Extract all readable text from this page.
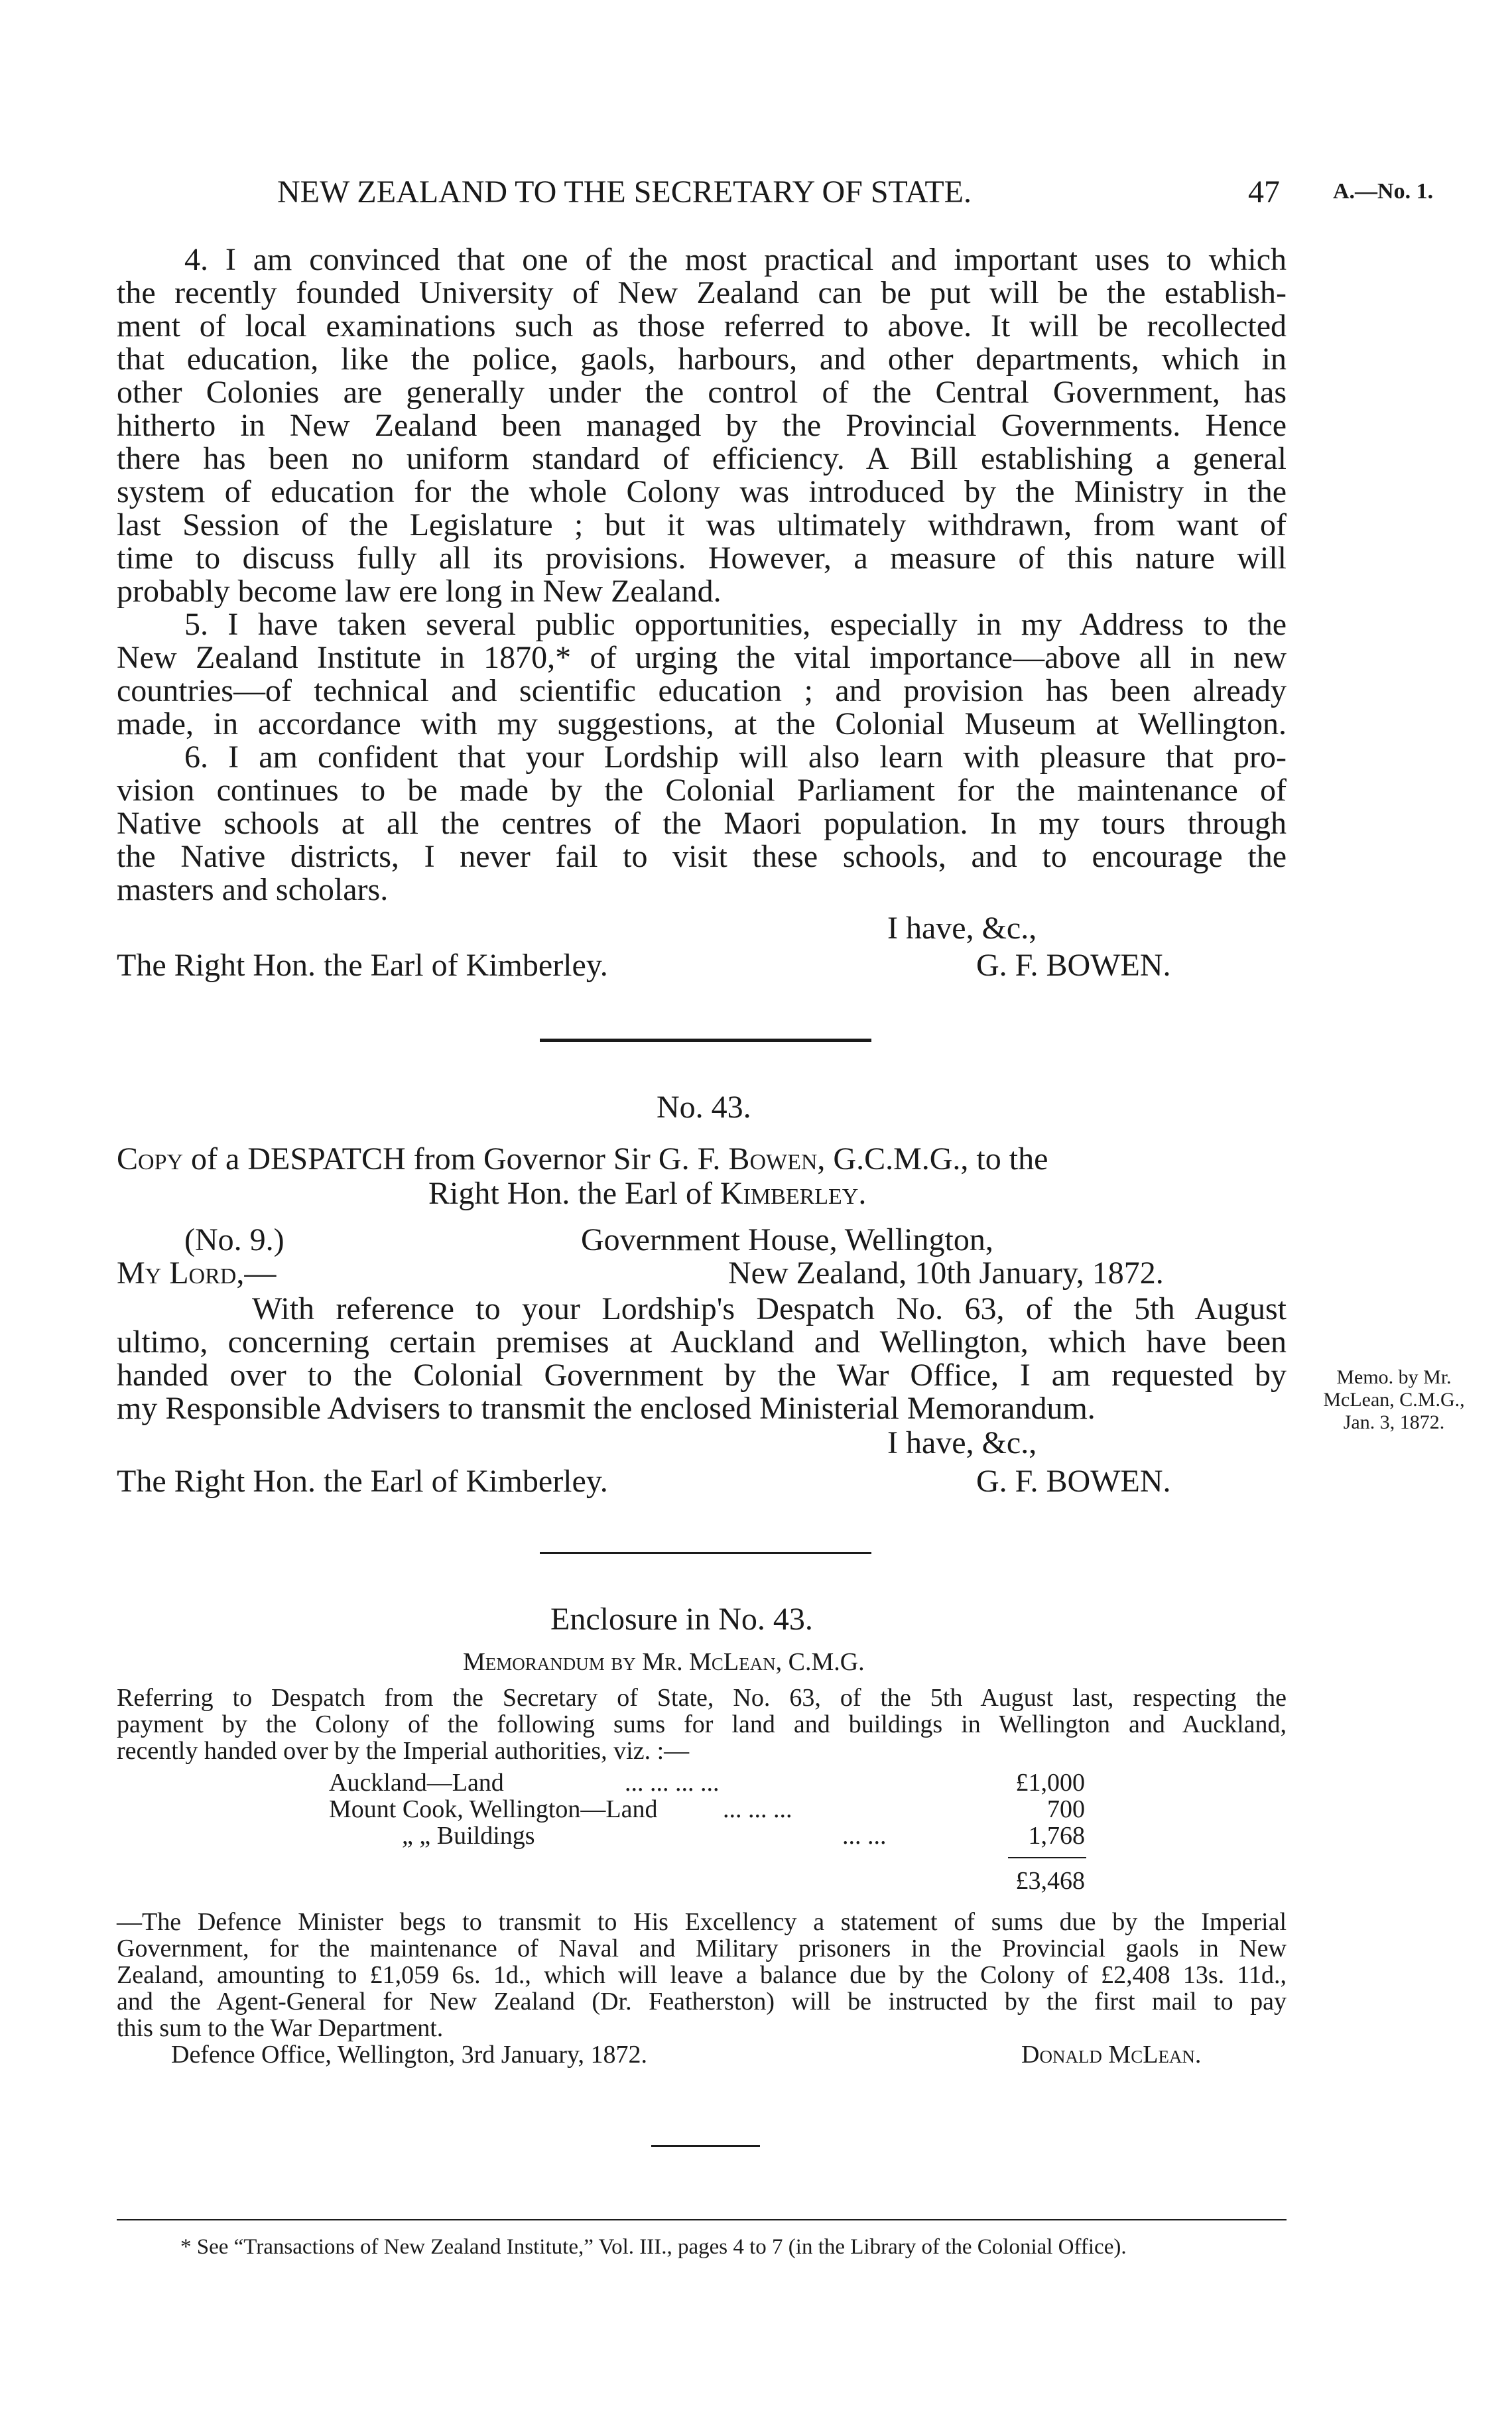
NEW ZEALAND TO THE SECRETARY OF STATE.	47 A.—No. 1.
4. I am convinced that one of the most practical and important uses to which
the recently founded University of New Zealand can be put will be the establish-
ment of local examinations such as those referred to above. It will be recollected
that education, like the police, gaols, harbours, and other departments, which in
other Colonies are generally under the control of the Central Government, has
hitherto in New Zealand been managed by the Provincial Governments. Hence
there has been no uniform standard of efficiency. A Bill establishing a general
system of education for the whole Colony was introduced by the Ministry in the
last Session of the Legislature ; but it was ultimately withdrawn, from want of
time to discuss fully all its provisions. However, a measure of this nature will
probably become law ere long in New Zealand.
5. I have taken several public opportunities, especially in my Address to the
New Zealand Institute in 1870,* of urging the vital importance—above all in new
countries—of technical and scientific education ; and provision has been already
made, in accordance with my suggestions, at the Colonial Museum at Wellington.
6. I am confident that your Lordship will also learn with pleasure that pro-
vision continues to be made by the Colonial Parliament for the maintenance of
Native schools at all the centres of the Maori population. In my tours through
the Native districts, I never fail to visit these schools, and to encourage the
masters and scholars.
I have, &c.,
The Right Hon. the Earl of Kimberley.	G. F. BOWEN.
No. 43.
Copy of a DESPATCH from Governor Sir G. F. Bowen, G.C.M.G., to the
Right Hon. the Earl of Kimberley.
(No. 9.)	Government House, Wellington,
My Lord,—	New Zealand, 10th January, 1872.
With reference to your Lordship's Despatch No. 63, of the 5th August
ultimo, concerning certain premises at Auckland and Wellington, which have been
handed over to the Colonial Government by the War Office, I am requested by
my Responsible Advisers to transmit the enclosed Ministerial Memorandum.
Memo. by Mr.
McLean, C.M.G.,
Jan. 3, 1872.
I have, &c.,
The Right Hon. the Earl of Kimberley.	G. F. BOWEN.
Enclosure in No. 43.
Memorandum by Mr. McLean, C.M.G.
Referring to Despatch from the Secretary of State, No. 63, of the 5th August last, respecting the
payment by the Colony of the following sums for land and buildings in Wellington and Auckland,
recently handed over by the Imperial authorities, viz. :—
Auckland—Land	... ... ... ...	£1,000
Mount Cook, Wellington—Land	... ... ...	700
„ „ Buildings	... ...	1,768
£3,468
—The Defence Minister begs to transmit to His Excellency a statement of sums due by the Imperial
Government, for the maintenance of Naval and Military prisoners in the Provincial gaols in New
Zealand, amounting to £1,059 6s. 1d., which will leave a balance due by the Colony of £2,408 13s. 11d.,
and the Agent-General for New Zealand (Dr. Featherston) will be instructed by the first mail to pay
this sum to the War Department.
Defence Office, Wellington, 3rd January, 1872.	Donald McLean.
* See “Transactions of New Zealand Institute,” Vol. III., pages 4 to 7 (in the Library of the Colonial Office).
